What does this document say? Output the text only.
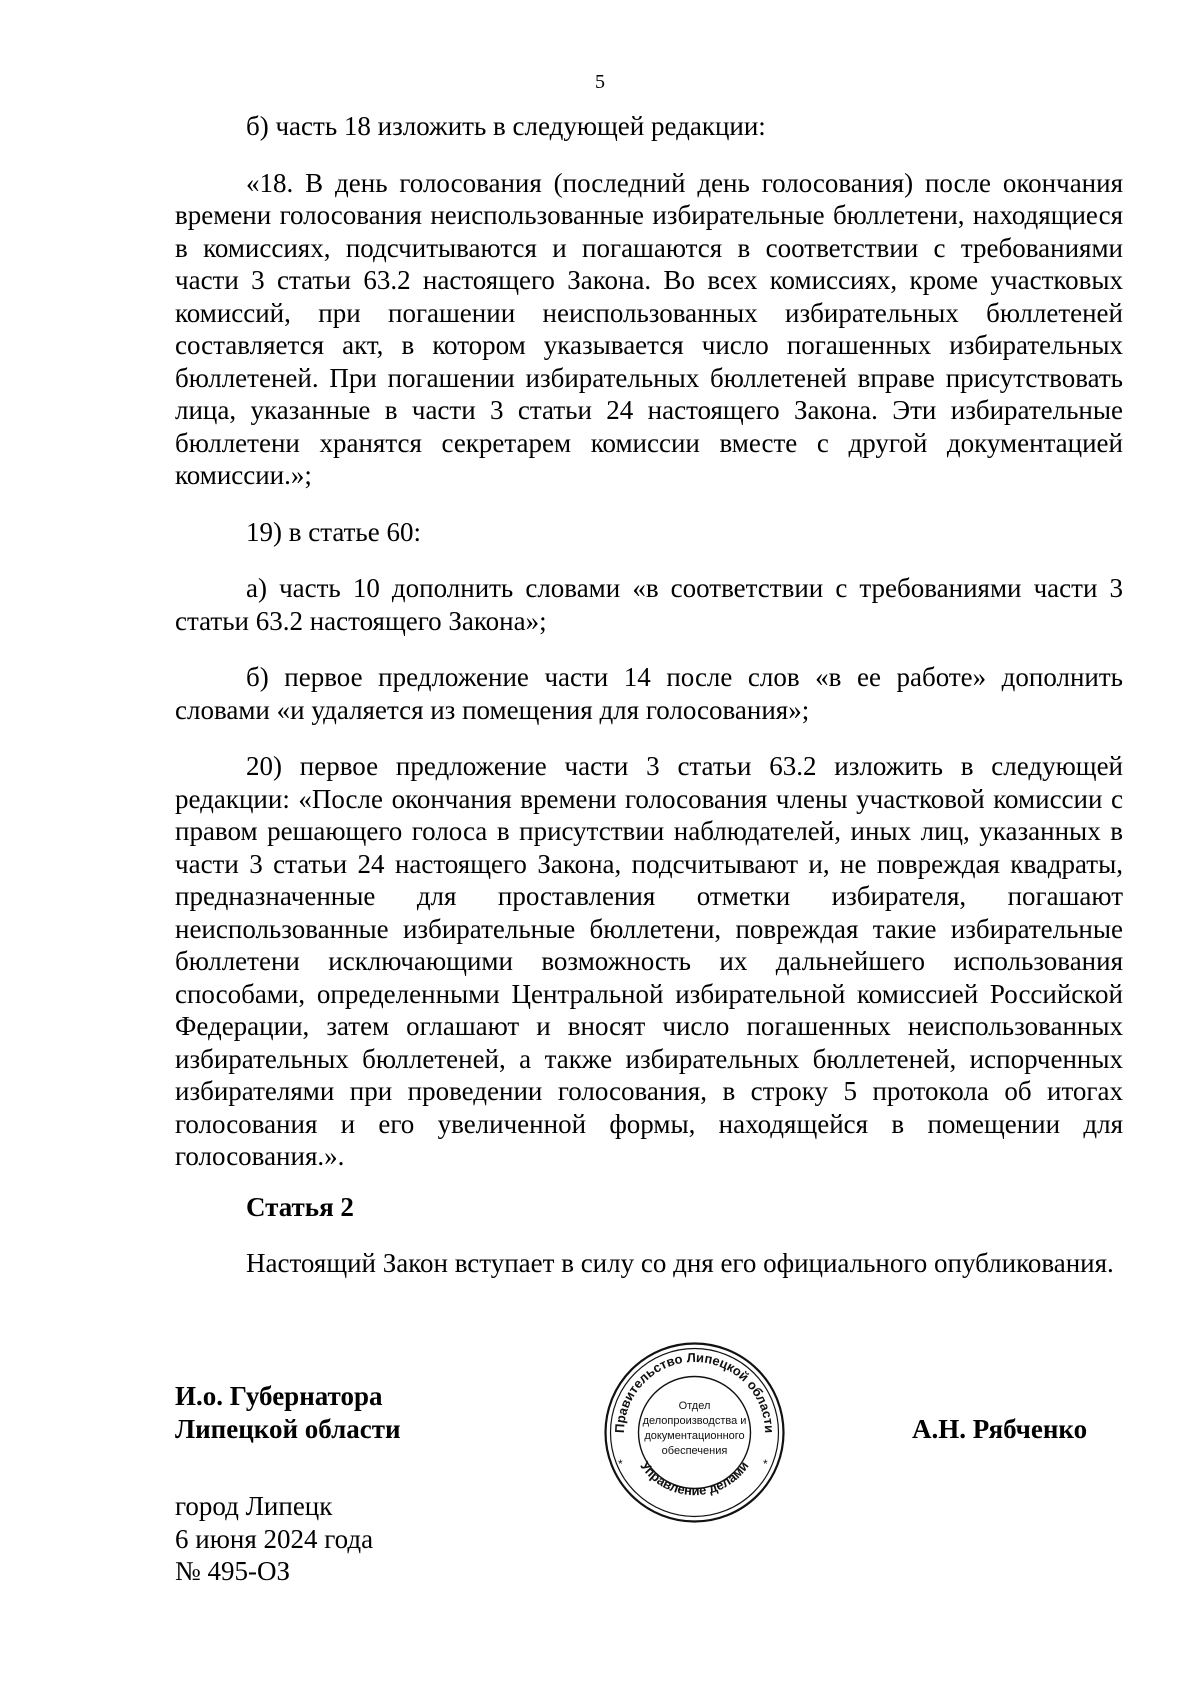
5

б) часть 18 изложить в следующей редакции:

«18. В день голосования (последний день голосования) после окончания времени голосования неиспользованные избирательные бюллетени, находящиеся в комиссиях, подсчитываются и погашаются в соответствии с требованиями части 3 статьи 63.2 настоящего Закона. Во всех комиссиях, кроме участковых комиссий, при погашении неиспользованных избирательных бюллетеней составляется акт, в котором указывается число погашенных избирательных бюллетеней. При погашении избирательных бюллетеней вправе присутствовать лица, указанные в части 3 статьи 24 настоящего Закона. Эти избирательные бюллетени хранятся секретарем комиссии вместе с другой документацией комиссии.»;

19) в статье 60:

а) часть 10 дополнить словами «в соответствии с требованиями части 3 статьи 63.2 настоящего Закона»;

б) первое предложение части 14 после слов «в ее работе» дополнить словами «и удаляется из помещения для голосования»;

20) первое предложение части 3 статьи 63.2 изложить в следующей редакции: «После окончания времени голосования члены участковой комиссии с правом решающего голоса в присутствии наблюдателей, иных лиц, указанных в части 3 статьи 24 настоящего Закона, подсчитывают и, не повреждая квадраты, предназначенные для проставления отметки избирателя, погашают неиспользованные избирательные бюллетени, повреждая такие избирательные бюллетени исключающими возможность их дальнейшего использования способами, определенными Центральной избирательной комиссией Российской Федерации, затем оглашают и вносят число погашенных неиспользованных избирательных бюллетеней, а также избирательных бюллетеней, испорченных избирателями при проведении голосования, в строку 5 протокола об итогах голосования и его увеличенной формы, находящейся в помещении для голосования.».

Статья 2

Настоящий Закон вступает в силу со дня его официального опубликования.

И.о. Губернатора
Липецкой области	А.Н. Рябченко
Правительство Липецкой области
Управление делами
*	*
Отдел
делопроизводства и
документационного
обеспечения
город Липецк
6 июня 2024 года
№ 495-ОЗ
